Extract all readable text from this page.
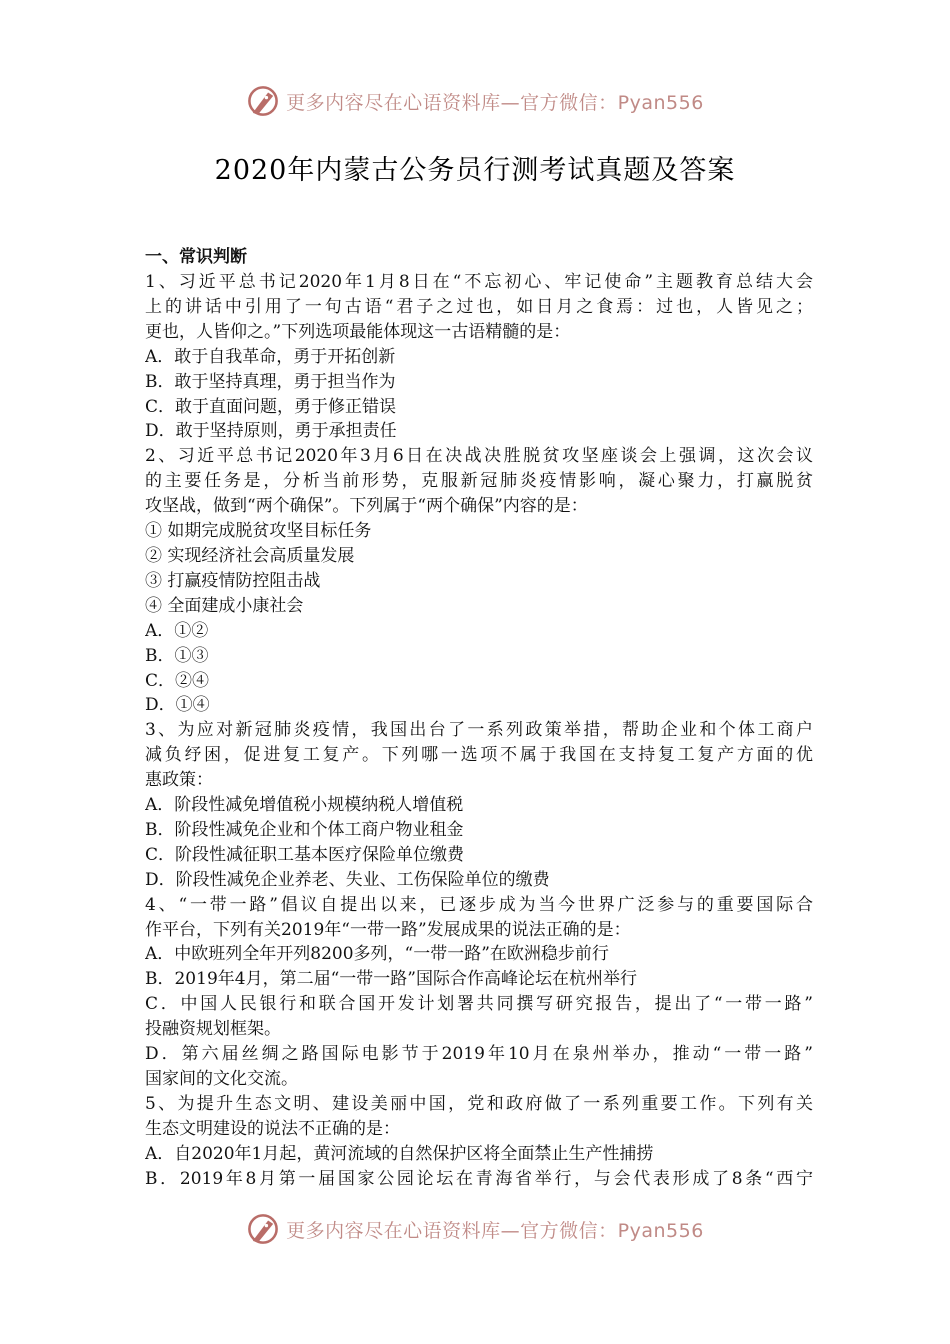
更多内容尽在心语资料库—官方微信：Pyan556
2020年内蒙古公务员行测考试真题及答案
一、常识判断
1、习近平总书记2020年1月8日在“不忘初心、牢记使命”主题教育总结大会
上的讲话中引用了一句古语“君子之过也，如日月之食焉：过也，人皆见之；
更也，人皆仰之。”下列选项最能体现这一古语精髓的是：
A．敢于自我革命，勇于开拓创新
B．敢于坚持真理，勇于担当作为
C．敢于直面问题，勇于修正错误
D．敢于坚持原则，勇于承担责任
2、习近平总书记2020年3月6日在决战决胜脱贫攻坚座谈会上强调，这次会议
的主要任务是，分析当前形势，克服新冠肺炎疫情影响，凝心聚力，打赢脱贫
攻坚战，做到“两个确保”。下列属于“两个确保”内容的是：
① 如期完成脱贫攻坚目标任务
② 实现经济社会高质量发展
③ 打赢疫情防控阻击战
④ 全面建成小康社会
A．①②
B．①③
C．②④
D．①④
3、为应对新冠肺炎疫情，我国出台了一系列政策举措，帮助企业和个体工商户
减负纾困，促进复工复产。下列哪一选项不属于我国在支持复工复产方面的优
惠政策：
A．阶段性减免增值税小规模纳税人增值税
B．阶段性减免企业和个体工商户物业租金
C．阶段性减征职工基本医疗保险单位缴费
D．阶段性减免企业养老、失业、工伤保险单位的缴费
4、“一带一路”倡议自提出以来，已逐步成为当今世界广泛参与的重要国际合
作平台，下列有关2019年“一带一路”发展成果的说法正确的是：
A．中欧班列全年开列8200多列，“一带一路”在欧洲稳步前行
B．2019年4月，第二届“一带一路”国际合作高峰论坛在杭州举行
C．中国人民银行和联合国开发计划署共同撰写研究报告，提出了“一带一路”
投融资规划框架。
D．第六届丝绸之路国际电影节于2019年10月在泉州举办，推动“一带一路”
国家间的文化交流。
5、为提升生态文明、建设美丽中国，党和政府做了一系列重要工作。下列有关
生态文明建设的说法不正确的是：
A．自2020年1月起，黄河流域的自然保护区将全面禁止生产性捕捞
B．2019年8月第一届国家公园论坛在青海省举行，与会代表形成了8条“西宁
更多内容尽在心语资料库—官方微信：Pyan556
